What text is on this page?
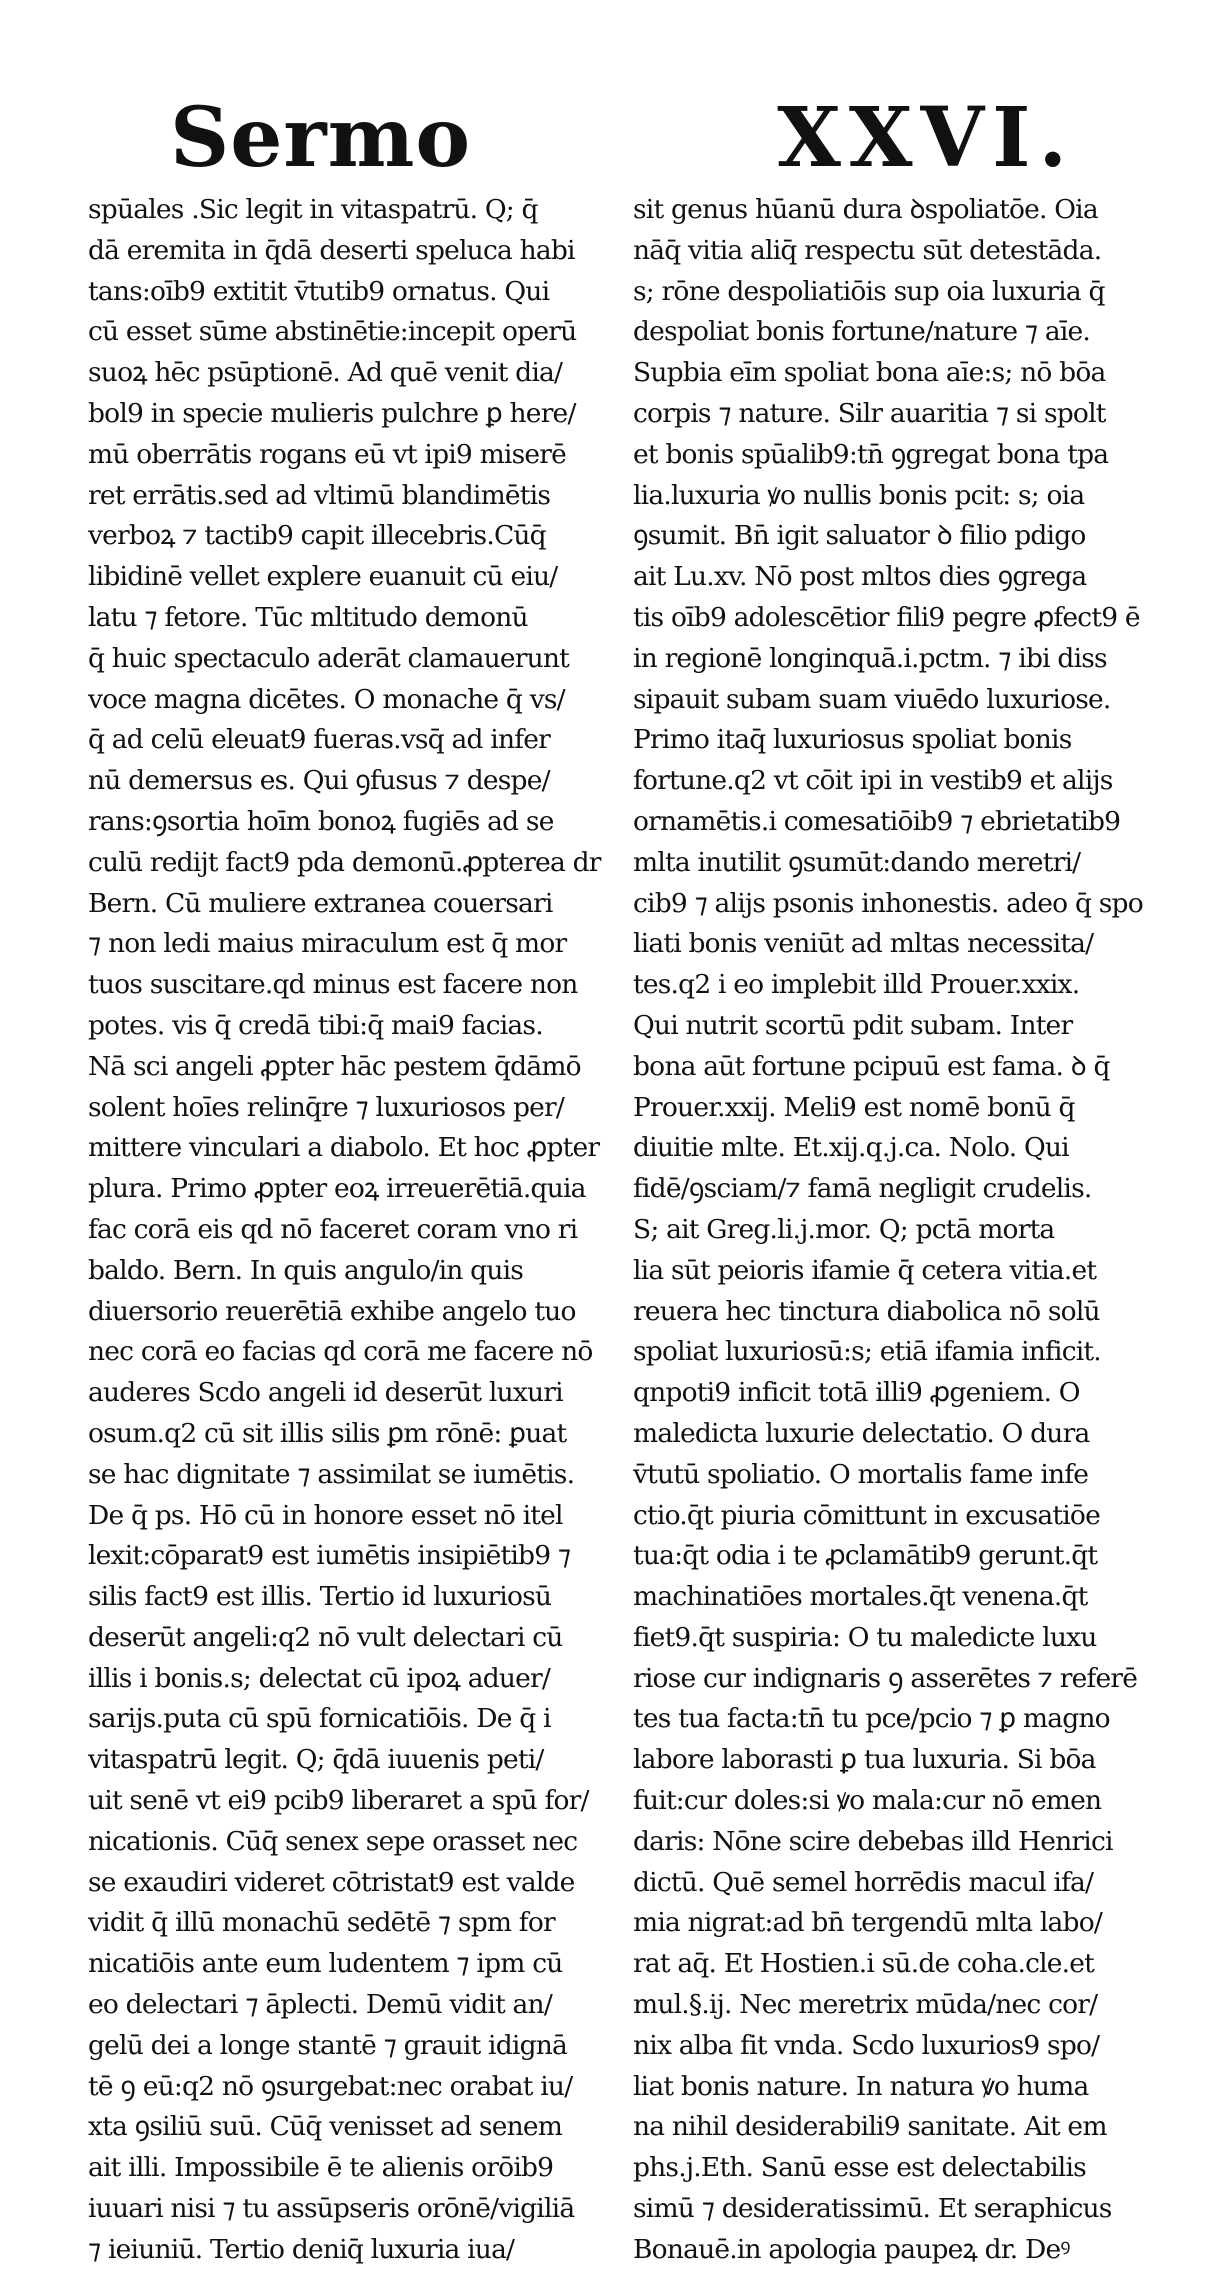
Sermo	XXVI.
spūales .Sic legit in vitaspatrū. Q; q̄
dā eremita in q̄dā deserti speluca habi
tans:oīb9 extitit v̄tutib9 ornatus. Qui
cū esset sūme abstinētie:incepit operū
suoꝝ hēc psūptionē. Ad quē venit dia/
bol9 in specie mulieris pulchre ꝑ here/
mū oberrātis rogans eū vt ipi9 miserē
ret errātis.sed ad vltimū blandimētis
verboꝝ ⁊ tactib9 capit illecebris.Cūq̄
libidinē vellet explere euanuit cū eiu/
latu ⁊ fetore. Tūc mltitudo demonū
q̄ huic spectaculo aderāt clamauerunt
voce magna dicētes. O monache q̄ vs/
q̄ ad celū eleuat9 fueras.vsq̄ ad infer
nū demersus es. Qui ꝯfusus ⁊ despe/
rans:ꝯsortia hoīm bonoꝝ fugiēs ad se
culū redijt fact9 pda demonū.ꝓpterea dr
Bern. Cū muliere extranea couersari
⁊ non ledi maius miraculum est q̄ mor
tuos suscitare.qd minus est facere non
potes. vis q̄ credā tibi:q̄ mai9 facias.
Nā sci angeli ꝓpter hāc pestem q̄dāmō
solent hoīes relinq̄re ⁊ luxuriosos per/
mittere vinculari a diabolo. Et hoc ꝓpter
plura. Primo ꝓpter eoꝝ irreuerētiā.quia
fac corā eis qd nō faceret coram vno ri
baldo. Bern. In quis angulo/in quis
diuersorio reuerētiā exhibe angelo tuo
nec corā eo facias qd corā me facere nō
auderes Scdo angeli id deserūt luxuri
osum.q2 cū sit illis silis ꝑm rōnē: ꝑuat
se hac dignitate ⁊ assimilat se iumētis.
De q̄ ps. Hō cū in honore esset nō itel
lexit:cōparat9 est iumētis insipiētib9 ⁊
silis fact9 est illis. Tertio id luxuriosū
deserūt angeli:q2 nō vult delectari cū
illis i bonis.s; delectat cū ipoꝝ aduer/
sarijs.puta cū spū fornicatiōis. De q̄ i
vitaspatrū legit. Q; q̄dā iuuenis peti/
uit senē vt ei9 pcib9 liberaret a spū for/
nicationis. Cūq̄ senex sepe orasset nec
se exaudiri videret cōtristat9 est valde
vidit q̄ illū monachū sedētē ⁊ spm for
nicatiōis ante eum ludentem ⁊ ipm cū
eo delectari ⁊ āplecti. Demū vidit an/
gelū dei a longe stantē ⁊ grauit idignā
tē ꝯ eū:q2 nō ꝯsurgebat:nec orabat iu/
xta ꝯsiliū suū. Cūq̄ venisset ad senem
ait illi. Impossibile ē te alienis orōib9
iuuari nisi ⁊ tu assūpseris orōnē/vigiliā
⁊ ieiuniū. Tertio deniq̄ luxuria iua/
sit genus hūanū dura ꝺspoliatōe. Oia
nāq̄ vitia aliq̄ respectu sūt detestāda.
s; rōne despoliatiōis sup oia luxuria q̄
despoliat bonis fortune/nature ⁊ aīe.
Supbia eīm spoliat bona aīe:s; nō bōa
corpis ⁊ nature. Silr auaritia ⁊ si spolt
et bonis spūalib9:tn̄ ꝯgregat bona tpa
lia.luxuria ꝟo nullis bonis pcit: s; oia
ꝯsumit. Bn̄ igit saluator ꝺ filio pdigo
ait Lu.xv. Nō post mltos dies ꝯgrega
tis oīb9 adolescētior fili9 pegre ꝓfect9 ē
in regionē longinquā.i.pctm. ⁊ ibi diss
sipauit subam suam viuēdo luxuriose.
Primo itaq̄ luxuriosus spoliat bonis
fortune.q2 vt cōit ipi in vestib9 et alijs
ornamētis.i comesatiōib9 ⁊ ebrietatib9
mlta inutilit ꝯsumūt:dando meretri/
cib9 ⁊ alijs psonis inhonestis. adeo q̄ spo
liati bonis veniūt ad mltas necessita/
tes.q2 i eo implebit illd Prouer.xxix.
Qui nutrit scortū pdit subam. Inter
bona aūt fortune pcipuū est fama. ꝺ q̄
Prouer.xxij. Meli9 est nomē bonū q̄
diuitie mlte. Et.xij.q.j.ca. Nolo. Qui
fidē/ꝯsciam/⁊ famā negligit crudelis.
S; ait Greg.li.j.mor. Q; pctā morta
lia sūt peioris ifamie q̄ cetera vitia.et
reuera hec tinctura diabolica nō solū
spoliat luxuriosū:s; etiā ifamia inficit.
qnpoti9 inficit totā illi9 ꝓgeniem. O
maledicta luxurie delectatio. O dura
v̄tutū spoliatio. O mortalis fame infe
ctio.q̄t piuria cōmittunt in excusatiōe
tua:q̄t odia i te ꝓclamātib9 gerunt.q̄t
machinatiōes mortales.q̄t venena.q̄t
fiet9.q̄t suspiria: O tu maledicte luxu
riose cur indignaris ꝯ asserētes ⁊ referē
tes tua facta:tn̄ tu pce/pcio ⁊ ꝑ magno
labore laborasti ꝑ tua luxuria. Si bōa
fuit:cur doles:si ꝟo mala:cur nō emen
daris: Nōne scire debebas illd Henrici
dictū. Quē semel horrēdis macul ifa/
mia nigrat:ad bn̄ tergendū mlta labo/
rat aq̄. Et Hostien.i sū.de coha.cle.et
mul.§.ij. Nec meretrix mūda/nec cor/
nix alba fit vnda. Scdo luxurios9 spo/
liat bonis nature. In natura ꝟo huma
na nihil desiderabili9 sanitate. Ait em
phs.j.Eth. Sanū esse est delectabilis
simū ⁊ desideratissimū. Et seraphicus
Bonauē.in apologia paupeꝝ dr. Deꝰ
